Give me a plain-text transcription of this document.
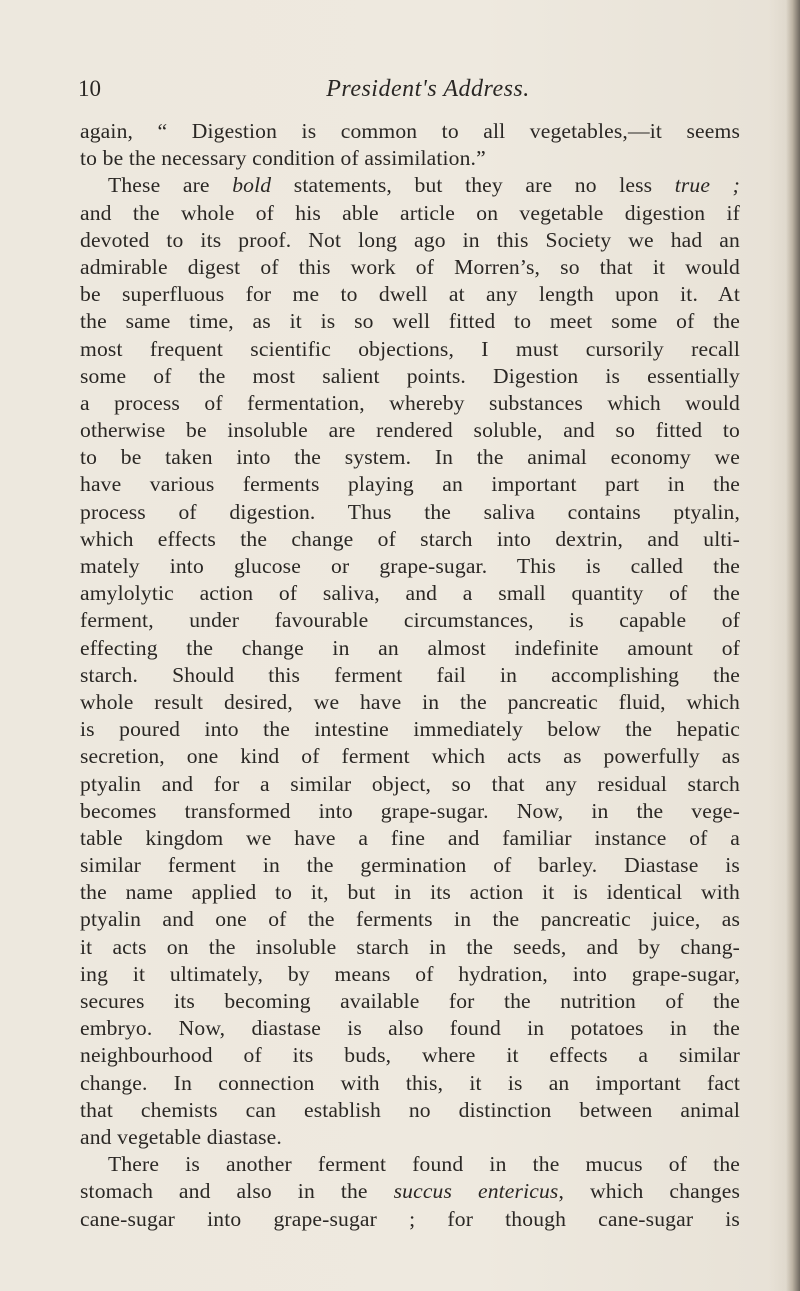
10	President's Address.
again, “ Digestion is common to all vegetables,—it seems
to be the necessary condition of assimilation.”
These are bold statements, but they are no less true ;
and the whole of his able article on vegetable digestion if
devoted to its proof. Not long ago in this Society we had an
admirable digest of this work of Morren’s, so that it would
be superfluous for me to dwell at any length upon it. At
the same time, as it is so well fitted to meet some of the
most frequent scientific objections, I must cursorily recall
some of the most salient points. Digestion is essentially
a process of fermentation, whereby substances which would
otherwise be insoluble are rendered soluble, and so fitted to
to be taken into the system. In the animal economy we
have various ferments playing an important part in the
process of digestion. Thus the saliva contains ptyalin,
which effects the change of starch into dextrin, and ulti-
mately into glucose or grape-sugar. This is called the
amylolytic action of saliva, and a small quantity of the
ferment, under favourable circumstances, is capable of
effecting the change in an almost indefinite amount of
starch. Should this ferment fail in accomplishing the
whole result desired, we have in the pancreatic fluid, which
is poured into the intestine immediately below the hepatic
secretion, one kind of ferment which acts as powerfully as
ptyalin and for a similar object, so that any residual starch
becomes transformed into grape-sugar. Now, in the vege-
table kingdom we have a fine and familiar instance of a
similar ferment in the germination of barley. Diastase is
the name applied to it, but in its action it is identical with
ptyalin and one of the ferments in the pancreatic juice, as
it acts on the insoluble starch in the seeds, and by chang-
ing it ultimately, by means of hydration, into grape-sugar,
secures its becoming available for the nutrition of the
embryo. Now, diastase is also found in potatoes in the
neighbourhood of its buds, where it effects a similar
change. In connection with this, it is an important fact
that chemists can establish no distinction between animal
and vegetable diastase.
There is another ferment found in the mucus of the
stomach and also in the succus entericus, which changes
cane-sugar into grape-sugar ; for though cane-sugar is
